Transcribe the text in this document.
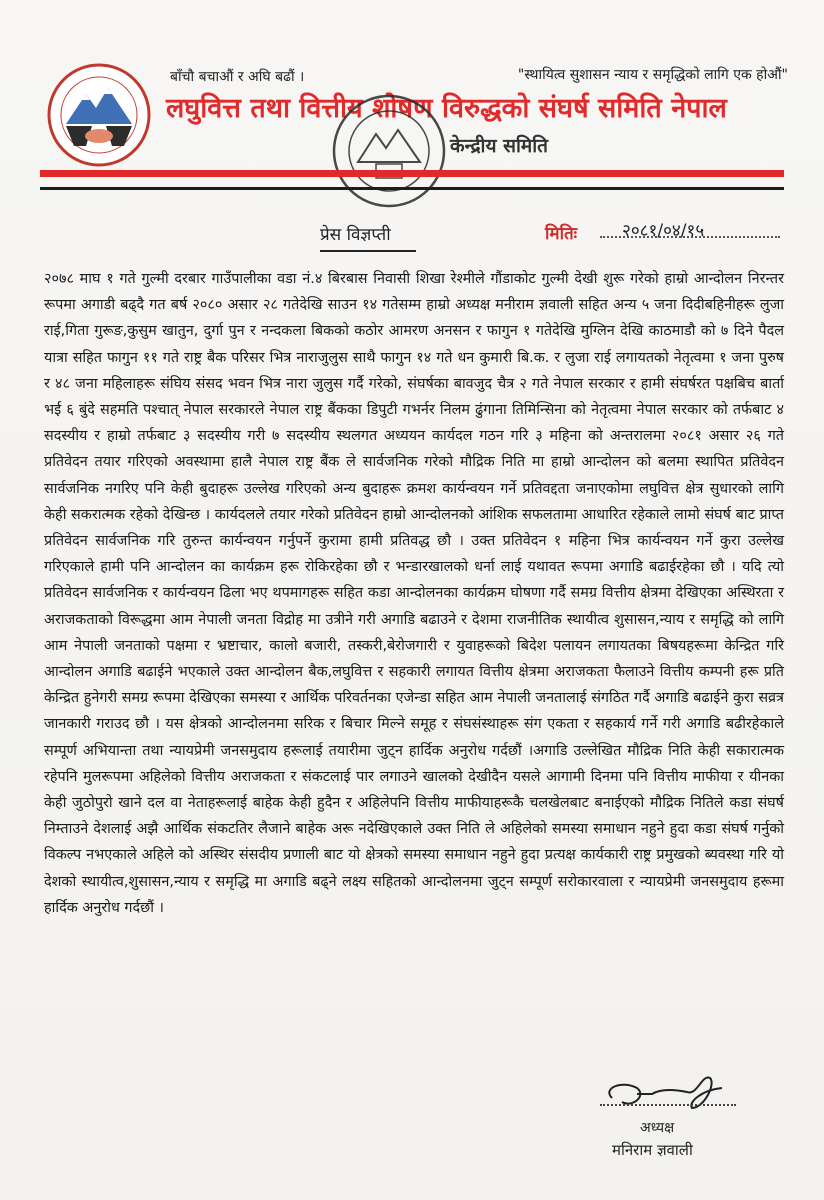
बाँचौ बचाऔं र अघि बढौं ।	"स्थायित्व सुशासन न्याय र समृद्धिको लागि एक होऔं"
लघुवित्त तथा वित्तीय शोषण विरुद्धको संघर्ष समिति नेपाल
केन्द्रीय समिति
प्रेस विज्ञप्ती	मितिः	२०८१/०४/१५
२०७८ माघ १ गते गुल्मी दरबार गाउँपालीका वडा नं.४ बिरबास निवासी शिखा रेश्मीले गौंडाकोट गुल्मी देखी शुरू गरेको हाम्रो आन्दोलन निरन्तर रूपमा अगाडी बढ्दै गत बर्ष २०८० असार २८ गतेदेखि साउन १४ गतेसम्म हाम्रो अध्यक्ष मनीराम ज्ञवाली सहित अन्य ५ जना दिदीबहिनीहरू लुजा राई,गिता गुरूङ,कुसुम खातुन, दुर्गा पुन र नन्दकला बिकको कठोर आमरण अनसन र फागुन १ गतेदेखि मुग्लिन देखि काठमाडौ को ७ दिने पैदल यात्रा सहित फागुन ११ गते राष्ट्र बैक परिसर भित्र नाराजुलुस साथै फागुन १४ गते धन कुमारी बि.क. र लुजा राई लगायतको नेतृत्वमा १ जना पुरुष र ४८ जना महिलाहरू संघिय संसद भवन भित्र नारा जुलुस गर्दै गरेको, संघर्षका बावजुद चैत्र २ गते नेपाल सरकार र हामी संघर्षरत पक्षबिच बार्ता भई ६ बुंदे सहमति पश्चात् नेपाल सरकारले नेपाल राष्ट्र बैंकका डिपुटी गभर्नर निलम ढुंगाना तिमिन्सिना को नेतृत्वमा नेपाल सरकार को तर्फबाट ४ सदस्यीय र हाम्रो तर्फबाट ३ सदस्यीय गरी ७ सदस्यीय स्थलगत अध्ययन कार्यदल गठन गरि ३ महिना को अन्तरालमा २०८१ असार २६ गते प्रतिवेदन तयार गरिएको अवस्थामा हालै नेपाल राष्ट्र बैंक ले सार्वजनिक गरेको मौद्रिक निति मा हाम्रो आन्दोलन को बलमा स्थापित प्रतिवेदन सार्वजनिक नगरिए पनि केही बुदाहरू उल्लेख गरिएको अन्य बुदाहरू क्रमश कार्यन्वयन गर्ने प्रतिवद्दता जनाएकोमा लघुवित्त क्षेत्र सुधारको लागि केही सकरात्मक रहेको देखिन्छ । कार्यदलले तयार गरेको प्रतिवेदन हाम्रो आन्दोलनको आंशिक सफलतामा आधारित रहेकाले लामो संघर्ष बाट प्राप्त प्रतिवेदन सार्वजनिक गरि तुरुन्त कार्यन्वयन गर्नुपर्ने कुरामा हामी प्रतिवद्ध छौ । उक्त प्रतिवेदन १ महिना भित्र कार्यन्वयन गर्ने कुरा उल्लेख गरिएकाले हामी पनि आन्दोलन का कार्यक्रम हरू रोकिरहेका छौ र भन्डारखालको धर्ना लाई यथावत रूपमा अगाडि बढाईरहेका छौ । यदि त्यो प्रतिवेदन सार्वजनिक र कार्यन्वयन ढिला भए थपमागहरू सहित कडा आन्दोलनका कार्यक्रम घोषणा गर्दै समग्र वित्तीय क्षेत्रमा देखिएका अस्थिरता र अराजकताको विरूद्धमा आम नेपाली जनता विद्रोह मा उत्रीने गरी अगाडि बढाउने र देशमा राजनीतिक स्थायीत्व शुसासन,न्याय र समृद्धि को लागि आम नेपाली जनताको पक्षमा र भ्रष्टाचार, कालो बजारी, तस्करी,बेरोजगारी र युवाहरूको बिदेश पलायन लगायतका बिषयहरूमा केन्द्रित गरि आन्दोलन अगाडि बढाईने भएकाले उक्त आन्दोलन बैक,लघुवित्त र सहकारी लगायत वित्तीय क्षेत्रमा अराजकता फैलाउने वित्तीय कम्पनी हरू प्रति केन्द्रित हुनेगरी समग्र रूपमा देखिएका समस्या र आर्थिक परिवर्तनका एजेन्डा सहित आम नेपाली जनतालाई संगठित गर्दै अगाडि बढाईने कुरा सव्रत्र जानकारी गराउद छौ । यस क्षेत्रको आन्दोलनमा सरिक र बिचार मिल्ने समूह र संघसंस्थाहरू संग एकता र सहकार्य गर्ने गरी अगाडि बढीरहेकाले सम्पूर्ण अभियान्ता तथा न्यायप्रेमी जनसमुदाय हरूलाई तयारीमा जुट्न हार्दिक अनुरोध गर्दछौं ।अगाडि उल्लेखित मौद्रिक निति केही सकारात्मक रहेपनि मुलरूपमा अहिलेको वित्तीय अराजकता र संकटलाई पार लगाउने खालको देखीदैन यसले आगामी दिनमा पनि वित्तीय माफीया र यीनका केही जुठोपुरो खाने दल वा नेताहरूलाई बाहेक केही हुदैन र अहिलेपनि वित्तीय माफीयाहरूकै चलखेलबाट बनाईएको मौद्रिक नितिले कडा संघर्ष निम्ताउने देशलाई अझै आर्थिक संकटतिर लैजाने बाहेक अरू नदेखिएकाले उक्त निति ले अहिलेको समस्या समाधान नहुने हुदा कडा संघर्ष गर्नुको विकल्प नभएकाले अहिले को अस्थिर संसदीय प्रणाली बाट यो क्षेत्रको समस्या समाधान नहुने हुदा प्रत्यक्ष कार्यकारी राष्ट्र प्रमुखको ब्यवस्था गरि यो देशको स्थायीत्व,शुसासन,न्याय र समृद्धि मा अगाडि बढ्ने लक्ष्य सहितको आन्दोलनमा जुट्न सम्पूर्ण सरोकारवाला र न्यायप्रेमी जनसमुदाय हरूमा हार्दिक अनुरोध गर्दछौं ।
अध्यक्ष
मनिराम ज्ञवाली
